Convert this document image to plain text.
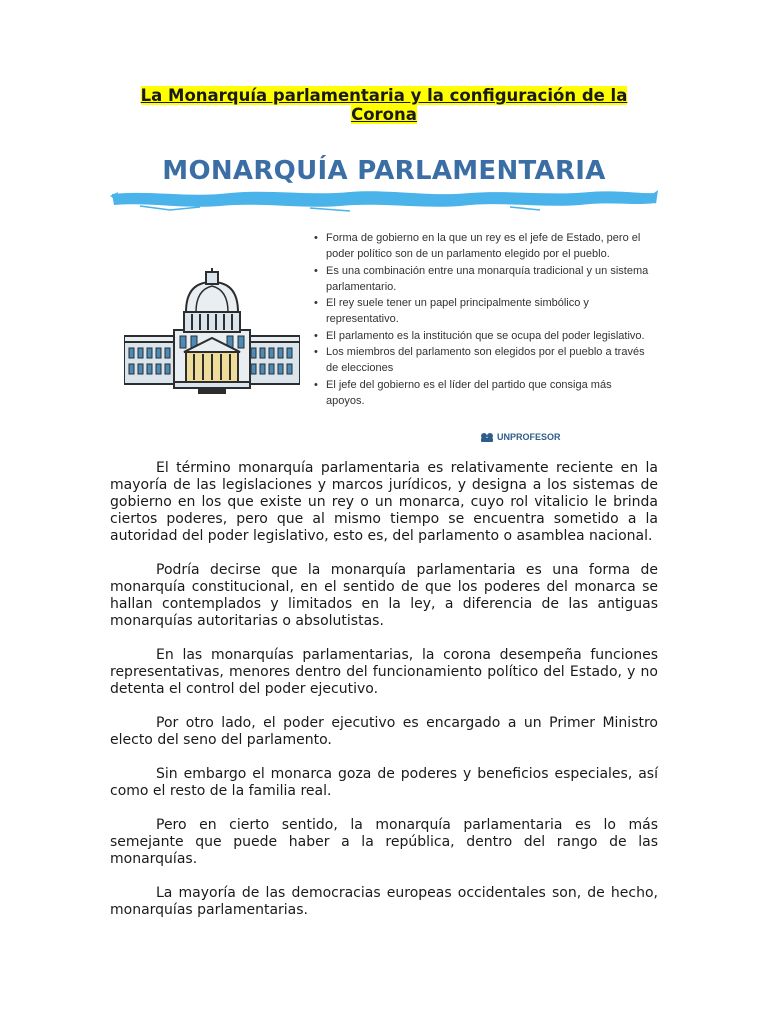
La Monarquía parlamentaria y la configuración de la Corona
MONARQUÍA PARLAMENTARIA
• Forma de gobierno en la que un rey es el jefe de Estado, pero el poder político son de un parlamento elegido por el pueblo.
• Es una combinación entre una monarquía tradicional y un sistema parlamentario.
• El rey suele tener un papel principalmente simbólico y representativo.
• El parlamento es la institución que se ocupa del poder legislativo.
• Los miembros del parlamento son elegidos por el pueblo a través de elecciones
• El jefe del gobierno es el líder del partido que consiga más apoyos.
UNPROFESOR

El término monarquía parlamentaria es relativamente reciente en la mayoría de las legislaciones y marcos jurídicos, y designa a los sistemas de gobierno en los que existe un rey o un monarca, cuyo rol vitalicio le brinda ciertos poderes, pero que al mismo tiempo se encuentra sometido a la autoridad del poder legislativo, esto es, del parlamento o asamblea nacional.

Podría decirse que la monarquía parlamentaria es una forma de monarquía constitucional, en el sentido de que los poderes del monarca se hallan contemplados y limitados en la ley, a diferencia de las antiguas monarquías autoritarias o absolutistas.

En las monarquías parlamentarias, la corona desempeña funciones representativas, menores dentro del funcionamiento político del Estado, y no detenta el control del poder ejecutivo.

Por otro lado, el poder ejecutivo es encargado a un Primer Ministro electo del seno del parlamento.

Sin embargo el monarca goza de poderes y beneficios especiales, así como el resto de la familia real.

Pero en cierto sentido, la monarquía parlamentaria es lo más semejante que puede haber a la república, dentro del rango de las monarquías.

La mayoría de las democracias europeas occidentales son, de hecho, monarquías parlamentarias.
